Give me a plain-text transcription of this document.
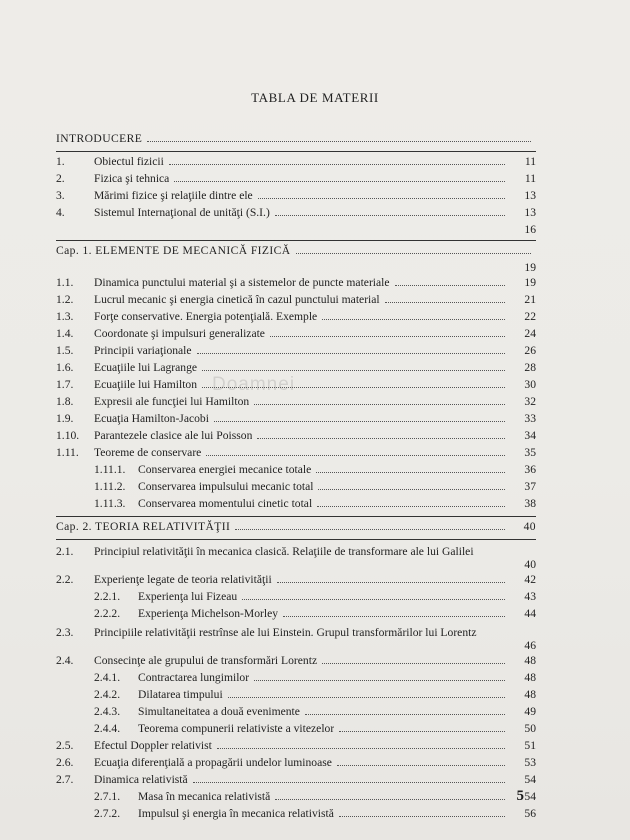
TABLA DE MATERII
Doamnei
INTRODUCERE
1.	Obiectul fizicii	11
2.	Fizica şi tehnica	11
3.	Mărimi fizice şi relaţiile dintre ele	13
4.	Sistemul Internaţional de unităţi (S.I.)	13
16
Cap. 1. ELEMENTE DE MECANICĂ FIZICĂ
19
1.1.	Dinamica punctului material şi a sistemelor de puncte materiale	19
1.2.	Lucrul mecanic şi energia cinetică în cazul punctului material	21
1.3.	Forţe conservative. Energia potenţială. Exemple	22
1.4.	Coordonate şi impulsuri generalizate	24
1.5.	Principii variaţionale	26
1.6.	Ecuaţiile lui Lagrange	28
1.7.	Ecuaţiile lui Hamilton	30
1.8.	Expresii ale funcţiei lui Hamilton	32
1.9.	Ecuaţia Hamilton-Jacobi	33
1.10.	Parantezele clasice ale lui Poisson	34
1.11.	Teoreme de conservare	35
1.11.1.	Conservarea energiei mecanice totale	36
1.11.2.	Conservarea impulsului mecanic total	37
1.11.3.	Conservarea momentului cinetic total	38
Cap. 2. TEORIA RELATIVITĂŢII	40
2.1.	Principiul relativităţii în mecanica clasică. Relaţiile de transformare ale lui Galilei
40
2.2.	Experienţe legate de teoria relativităţii	42
2.2.1.	Experienţa lui Fizeau	43
2.2.2.	Experienţa Michelson-Morley	44
2.3.	Principiile relativităţii restrînse ale lui Einstein. Grupul transformărilor lui Lorentz
46
2.4.	Consecinţe ale grupului de transformări Lorentz	48
2.4.1.	Contractarea lungimilor	48
2.4.2.	Dilatarea timpului	48
2.4.3.	Simultaneitatea a două evenimente	49
2.4.4.	Teorema compunerii relativiste a vitezelor	50
2.5.	Efectul Doppler relativist	51
2.6.	Ecuaţia diferenţială a propagării undelor luminoase	53
2.7.	Dinamica relativistă	54
2.7.1.	Masa în mecanica relativistă	54
2.7.2.	Impulsul şi energia în mecanica relativistă	56
5
